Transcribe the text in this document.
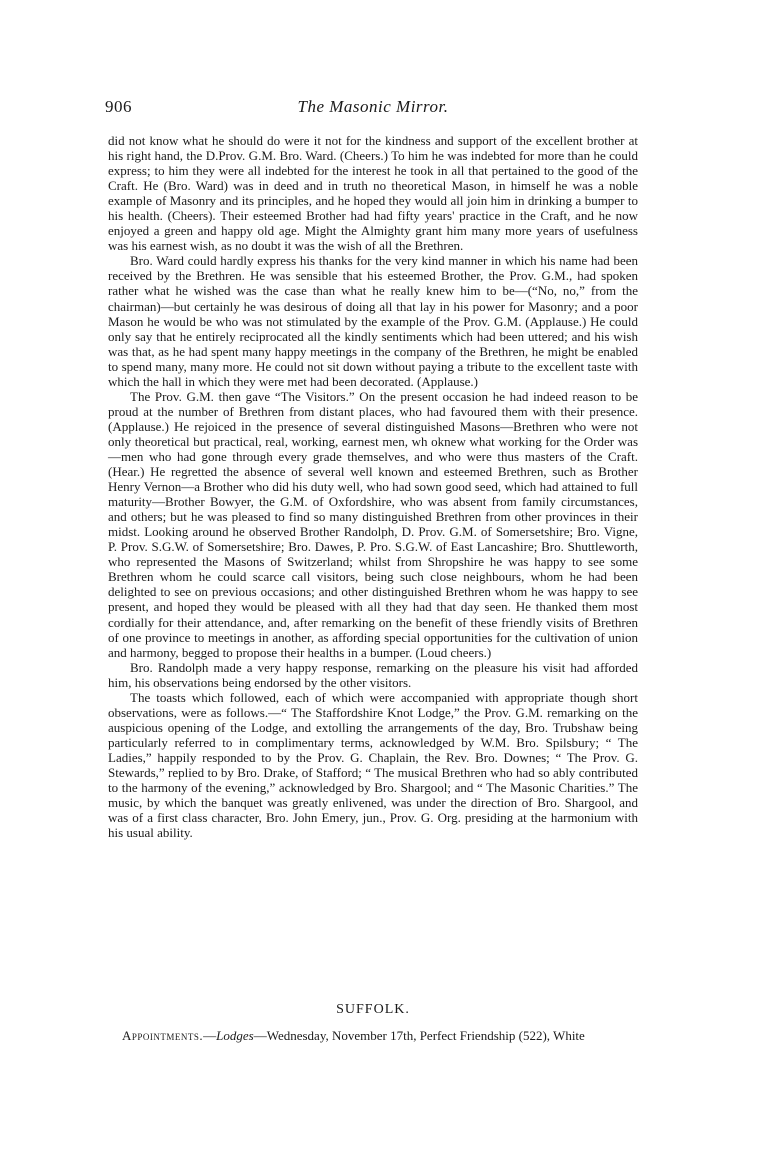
906	The Masonic Mirror.

did not know what he should do were it not for the kindness and support of the excellent brother at his right hand, the D.Prov. G.M. Bro. Ward. (Cheers.) To him he was indebted for more than he could express; to him they were all indebted for the interest he took in all that pertained to the good of the Craft. He (Bro. Ward) was in deed and in truth no theoretical Mason, in himself he was a noble example of Masonry and its principles, and he hoped they would all join him in drinking a bumper to his health. (Cheers). Their esteemed Brother had had fifty years' practice in the Craft, and he now enjoyed a green and happy old age. Might the Almighty grant him many more years of usefulness was his earnest wish, as no doubt it was the wish of all the Brethren.

Bro. Ward could hardly express his thanks for the very kind manner in which his name had been received by the Brethren. He was sensible that his esteemed Brother, the Prov. G.M., had spoken rather what he wished was the case than what he really knew him to be—(“No, no,” from the chairman)—but certainly he was desirous of doing all that lay in his power for Masonry; and a poor Mason he would be who was not stimulated by the example of the Prov. G.M. (Applause.) He could only say that he entirely reciprocated all the kindly sentiments which had been uttered; and his wish was that, as he had spent many happy meetings in the company of the Brethren, he might be enabled to spend many, many more. He could not sit down without paying a tribute to the excellent taste with which the hall in which they were met had been decorated. (Applause.)

The Prov. G.M. then gave “The Visitors.” On the present occasion he had indeed reason to be proud at the number of Brethren from distant places, who had favoured them with their presence. (Applause.) He rejoiced in the presence of several distinguished Masons—Brethren who were not only theoretical but practical, real, working, earnest men, wh oknew what working for the Order was—men who had gone through every grade themselves, and who were thus masters of the Craft. (Hear.) He regretted the absence of several well known and esteemed Brethren, such as Brother Henry Vernon—a Brother who did his duty well, who had sown good seed, which had attained to full maturity—Brother Bowyer, the G.M. of Oxfordshire, who was absent from family circumstances, and others; but he was pleased to find so many distinguished Brethren from other provinces in their midst. Looking around he observed Brother Randolph, D. Prov. G.M. of Somersetshire; Bro. Vigne, P. Prov. S.G.W. of Somersetshire; Bro. Dawes, P. Pro. S.G.W. of East Lancashire; Bro. Shuttleworth, who represented the Masons of Switzerland; whilst from Shropshire he was happy to see some Brethren whom he could scarce call visitors, being such close neighbours, whom he had been delighted to see on previous occasions; and other distinguished Brethren whom he was happy to see present, and hoped they would be pleased with all they had that day seen. He thanked them most cordially for their attendance, and, after remarking on the benefit of these friendly visits of Brethren of one province to meetings in another, as affording special opportunities for the cultivation of union and harmony, begged to propose their healths in a bumper. (Loud cheers.)

Bro. Randolph made a very happy response, remarking on the pleasure his visit had afforded him, his observations being endorsed by the other visitors.

The toasts which followed, each of which were accompanied with appropriate though short observations, were as follows.—“ The Staffordshire Knot Lodge,” the Prov. G.M. remarking on the auspicious opening of the Lodge, and extolling the arrangements of the day, Bro. Trubshaw being particularly referred to in complimentary terms, acknowledged by W.M. Bro. Spilsbury; “ The Ladies,” happily responded to by the Prov. G. Chaplain, the Rev. Bro. Downes; “ The Prov. G. Stewards,” replied to by Bro. Drake, of Stafford; “ The musical Brethren who had so ably contributed to the harmony of the evening,” acknowledged by Bro. Shargool; and “ The Masonic Charities.” The music, by which the banquet was greatly enlivened, was under the direction of Bro. Shargool, and was of a first class character, Bro. John Emery, jun., Prov. G. Org. presiding at the harmonium with his usual ability.

SUFFOLK.
Appointments.—Lodges—Wednesday, November 17th, Perfect Friendship (522), White
